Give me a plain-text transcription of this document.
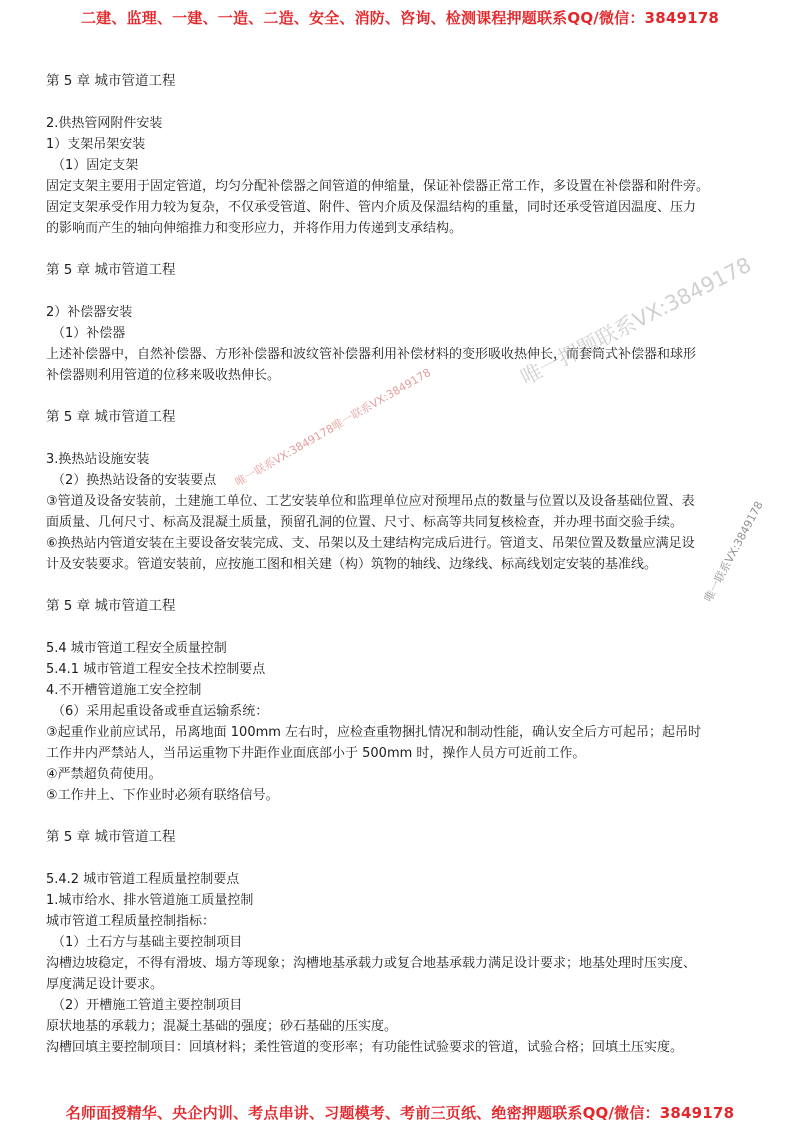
二建、监理、一建、一造、二造、安全、消防、咨询、检测课程押题联系QQ/微信：3849178
第 5 章 城市管道工程
2.供热管网附件安装
1）支架吊架安装
（1）固定支架
固定支架主要用于固定管道，均匀分配补偿器之间管道的伸缩量，保证补偿器正常工作，多设置在补偿器和附件旁。
固定支架承受作用力较为复杂，不仅承受管道、附件、管内介质及保温结构的重量，同时还承受管道因温度、压力
的影响而产生的轴向伸缩推力和变形应力，并将作用力传递到支承结构。
第 5 章 城市管道工程
2）补偿器安装
（1）补偿器
上述补偿器中，自然补偿器、方形补偿器和波纹管补偿器利用补偿材料的变形吸收热伸长，而套筒式补偿器和球形
补偿器则利用管道的位移来吸收热伸长。
第 5 章 城市管道工程
3.换热站设施安装
（2）换热站设备的安装要点
③管道及设备安装前，土建施工单位、工艺安装单位和监理单位应对预埋吊点的数量与位置以及设备基础位置、表
面质量、几何尺寸、标高及混凝土质量，预留孔洞的位置、尺寸、标高等共同复核检查，并办理书面交验手续。
⑥换热站内管道安装在主要设备安装完成、支、吊架以及土建结构完成后进行。管道支、吊架位置及数量应满足设
计及安装要求。管道安装前，应按施工图和相关建（构）筑物的轴线、边缘线、标高线划定安装的基准线。
第 5 章 城市管道工程
5.4 城市管道工程安全质量控制
5.4.1 城市管道工程安全技术控制要点
4.不开槽管道施工安全控制
（6）采用起重设备或垂直运输系统：
③起重作业前应试吊，吊离地面 100mm 左右时，应检查重物捆扎情况和制动性能，确认安全后方可起吊；起吊时
工作井内严禁站人，当吊运重物下井距作业面底部小于 500mm 时，操作人员方可近前工作。
④严禁超负荷使用。
⑤工作井上、下作业时必须有联络信号。
第 5 章 城市管道工程
5.4.2 城市管道工程质量控制要点
1.城市给水、排水管道施工质量控制
城市管道工程质量控制指标：
（1）土石方与基础主要控制项目
沟槽边坡稳定，不得有滑坡、塌方等现象；沟槽地基承载力或复合地基承载力满足设计要求；地基处理时压实度、
厚度满足设计要求。
（2）开槽施工管道主要控制项目
原状地基的承载力；混凝土基础的强度；砂石基础的压实度。
沟槽回填主要控制项目：回填材料；柔性管道的变形率；有功能性试验要求的管道，试验合格；回填土压实度。
唯一押题联系VX:3849178
唯一联系VX:3849178唯一联系VX:3849178
唯一联系VX:3849178
名师面授精华、央企内训、考点串讲、习题模考、考前三页纸、绝密押题联系QQ/微信：3849178
